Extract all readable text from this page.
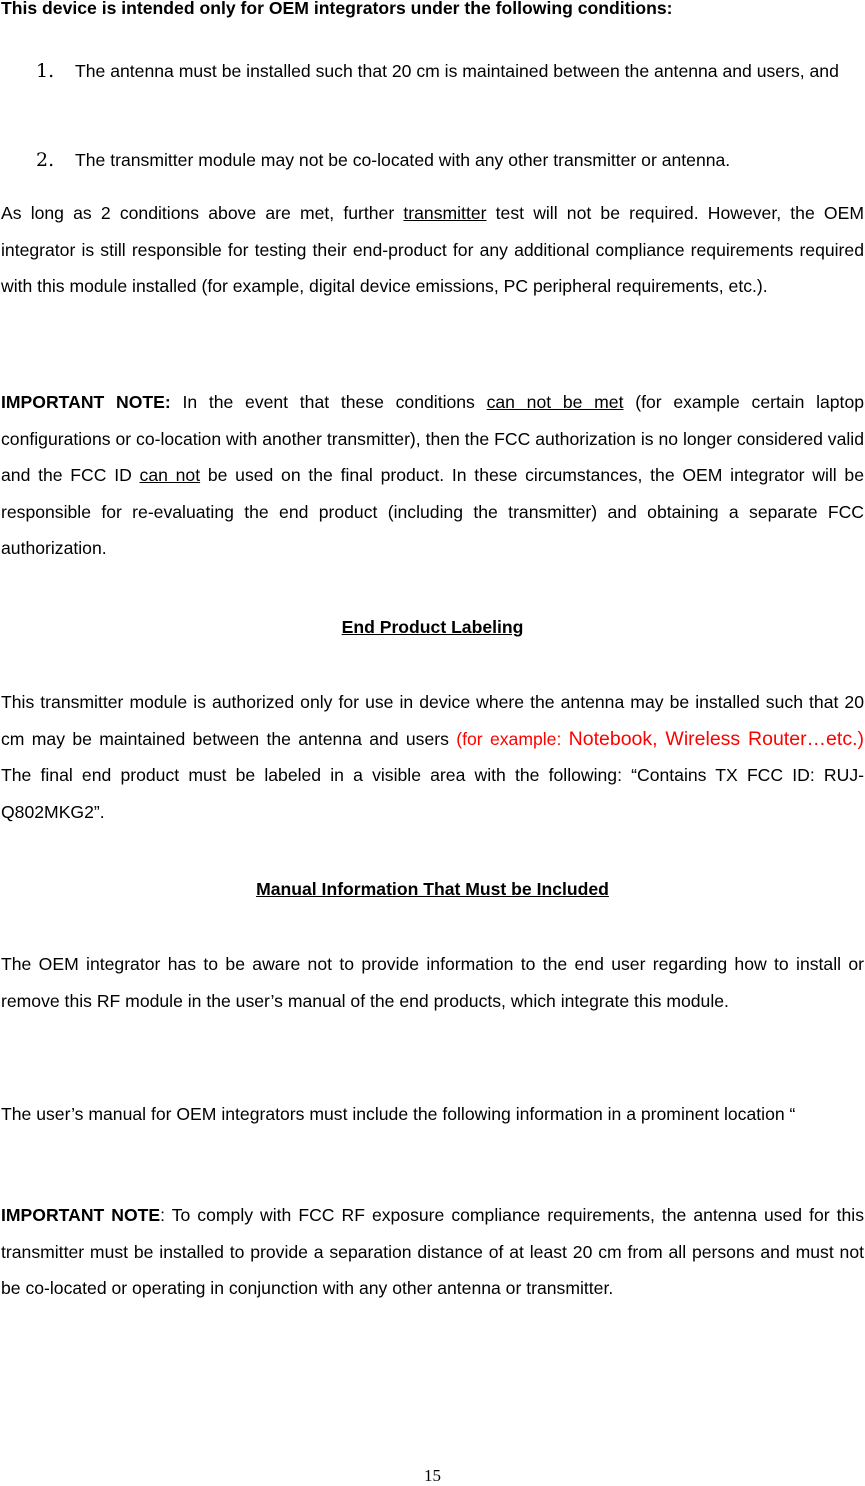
This device is intended only for OEM integrators under the following conditions:

1.	The antenna must be installed such that 20 cm is maintained between the antenna and users, and
2. The transmitter module may not be co-located with any other transmitter or antenna.

As long as 2 conditions above are met, further transmitter test will not be required. However, the OEM integrator is still responsible for testing their end-product for any additional compliance requirements required with this module installed (for example, digital device emissions, PC peripheral requirements, etc.).

IMPORTANT NOTE: In the event that these conditions can not be met (for example certain laptop configurations or co-location with another transmitter), then the FCC authorization is no longer considered valid and the FCC ID can not be used on the final product. In these circumstances, the OEM integrator will be responsible for re-evaluating the end product (including the transmitter) and obtaining a separate FCC authorization.

End Product Labeling

This transmitter module is authorized only for use in device where the antenna may be installed such that 20 cm may be maintained between the antenna and users (for example: Notebook, Wireless Router…etc.) The final end product must be labeled in a visible area with the following: “Contains TX FCC ID: RUJ-Q802MKG2”.

Manual Information That Must be Included

The OEM integrator has to be aware not to provide information to the end user regarding how to install or remove this RF module in the user’s manual of the end products, which integrate this module.

The user’s manual for OEM integrators must include the following information in a prominent location “

IMPORTANT NOTE: To comply with FCC RF exposure compliance requirements, the antenna used for this transmitter must be installed to provide a separation distance of at least 20 cm from all persons and must not be co-located or operating in conjunction with any other antenna or transmitter.

15
